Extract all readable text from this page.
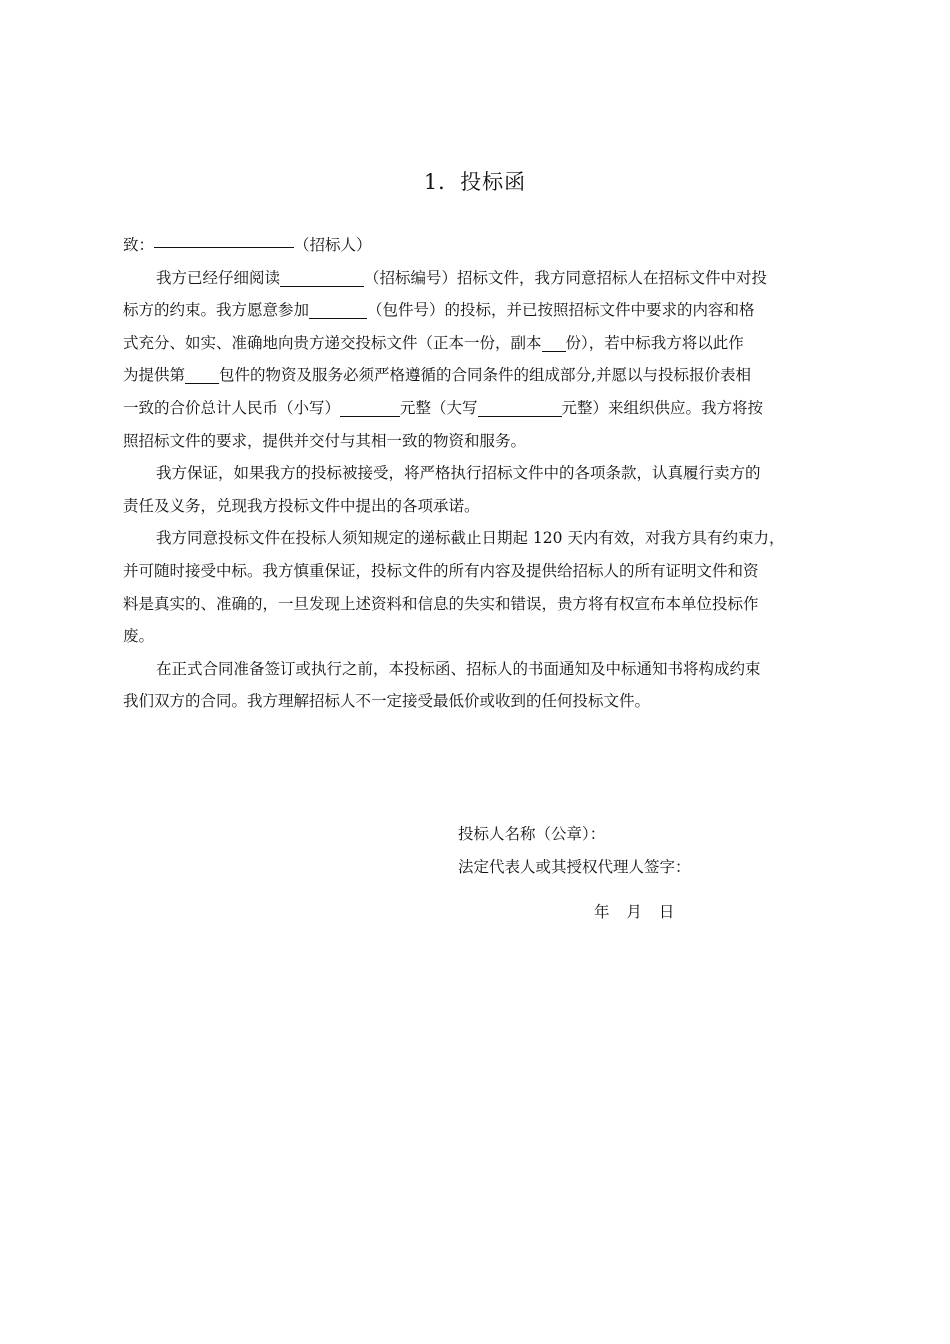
1．投标函
致：	（招标人）
我方已经仔细阅读	（招标编号）招标文件，我方同意招标人在招标文件中对投
标方的约束。我方愿意参加	（包件号）的投标，并已按照招标文件中要求的内容和格
式充分、如实、准确地向贵方递交投标文件（正本一份，副本 份），若中标我方将以此作
为提供第 包件的物资及服务必须严格遵循的合同条件的组成部分,并愿以与投标报价表相
一致的合价总计人民币（小写）	元整（大写	元整）来组织供应。我方将按
照招标文件的要求，提供并交付与其相一致的物资和服务。
我方保证，如果我方的投标被接受，将严格执行招标文件中的各项条款，认真履行卖方的
责任及义务，兑现我方投标文件中提出的各项承诺。
我方同意投标文件在投标人须知规定的递标截止日期起 120 天内有效，对我方具有约束力，
并可随时接受中标。我方慎重保证，投标文件的所有内容及提供给招标人的所有证明文件和资
料是真实的、准确的，一旦发现上述资料和信息的失实和错误，贵方将有权宣布本单位投标作
废。
在正式合同准备签订或执行之前，本投标函、招标人的书面通知及中标通知书将构成约束
我们双方的合同。我方理解招标人不一定接受最低价或收到的任何投标文件。
投标人名称（公章）：
法定代表人或其授权代理人签字：
年 月 日
